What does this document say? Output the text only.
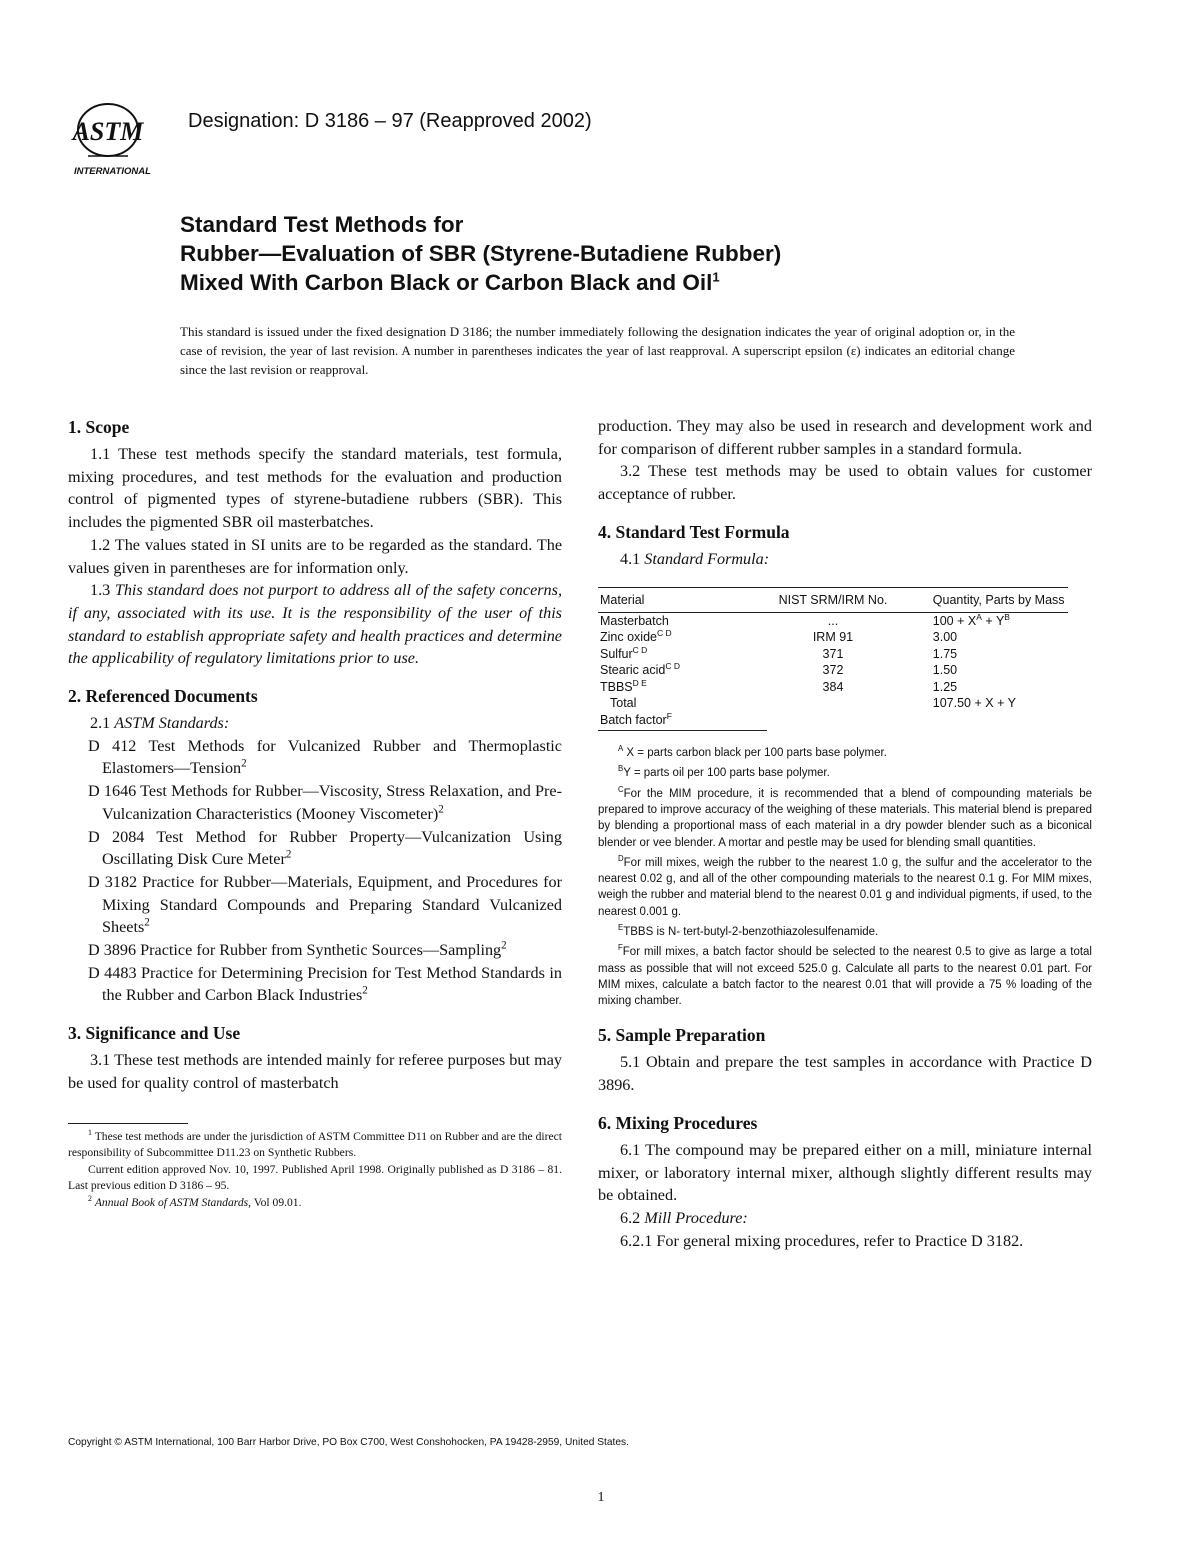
ASTM
INTERNATIONAL
Designation: D 3186 – 97 (Reapproved 2002)
Standard Test Methods for
Rubber—Evaluation of SBR (Styrene-Butadiene Rubber)
Mixed With Carbon Black or Carbon Black and Oil$^1$
This standard is issued under the fixed designation D 3186; the number immediately following the designation indicates the year of original adoption or, in the case of revision, the year of last revision. A number in parentheses indicates the year of last reapproval. A superscript epsilon (ε) indicates an editorial change since the last revision or reapproval.
1. Scope
1.1 These test methods specify the standard materials, test formula, mixing procedures, and test methods for the evaluation and production control of pigmented types of styrene-butadiene rubbers (SBR). This includes the pigmented SBR oil masterbatches.
1.2 The values stated in SI units are to be regarded as the standard. The values given in parentheses are for information only.
1.3 This standard does not purport to address all of the safety concerns, if any, associated with its use. It is the responsibility of the user of this standard to establish appropriate safety and health practices and determine the applicability of regulatory limitations prior to use.
2. Referenced Documents
2.1 ASTM Standards:
D 412 Test Methods for Vulcanized Rubber and Thermoplastic Elastomers—Tension$^2$
D 1646 Test Methods for Rubber—Viscosity, Stress Relaxation, and Pre-Vulcanization Characteristics (Mooney Viscometer)$^2$
D 2084 Test Method for Rubber Property—Vulcanization Using Oscillating Disk Cure Meter$^2$
D 3182 Practice for Rubber—Materials, Equipment, and Procedures for Mixing Standard Compounds and Preparing Standard Vulcanized Sheets$^2$
D 3896 Practice for Rubber from Synthetic Sources—Sampling$^2$
D 4483 Practice for Determining Precision for Test Method Standards in the Rubber and Carbon Black Industries$^2$
3. Significance and Use
3.1 These test methods are intended mainly for referee purposes but may be used for quality control of masterbatch
$^1$ These test methods are under the jurisdiction of ASTM Committee D11 on Rubber and are the direct responsibility of Subcommittee D11.23 on Synthetic Rubbers.
Current edition approved Nov. 10, 1997. Published April 1998. Originally published as D 3186 – 81. Last previous edition D 3186 – 95.
$^2$ Annual Book of ASTM Standards, Vol 09.01.
production. They may also be used in research and development work and for comparison of different rubber samples in a standard formula.
3.2 These test methods may be used to obtain values for customer acceptance of rubber.
4. Standard Test Formula
4.1 Standard Formula:
Material	NIST SRM/IRM No.	Quantity, Parts by Mass
Masterbatch	...	$100 + X^A + Y^B$
Zinc oxide$^{C D}$	IRM 91	3.00
Sulfur$^{C D}$	371	1.75
Stearic acid$^{C D}$	372	1.50
$TBBS^{D E}$	384	1.25
Total		107.50 + X + Y
Batch factor$^F$		
$^A$ X = parts carbon black per 100 parts base polymer.
$^B$Y = parts oil per 100 parts base polymer.
$^C$For the MIM procedure, it is recommended that a blend of compounding materials be prepared to improve accuracy of the weighing of these materials. This material blend is prepared by blending a proportional mass of each material in a dry powder blender such as a biconical blender or vee blender. A mortar and pestle may be used for blending small quantities.
$^D$For mill mixes, weigh the rubber to the nearest 1.0 g, the sulfur and the accelerator to the nearest 0.02 g, and all of the other compounding materials to the nearest 0.1 g. For MIM mixes, weigh the rubber and material blend to the nearest 0.01 g and individual pigments, if used, to the nearest 0.001 g.
$^E$TBBS is N- tert-butyl-2-benzothiazolesulfenamide.
$^F$For mill mixes, a batch factor should be selected to the nearest 0.5 to give as large a total mass as possible that will not exceed 525.0 g. Calculate all parts to the nearest 0.01 part. For MIM mixes, calculate a batch factor to the nearest 0.01 that will provide a 75 % loading of the mixing chamber.
5. Sample Preparation
5.1 Obtain and prepare the test samples in accordance with Practice D 3896.
6. Mixing Procedures
6.1 The compound may be prepared either on a mill, miniature internal mixer, or laboratory internal mixer, although slightly different results may be obtained.
6.2 Mill Procedure:
6.2.1 For general mixing procedures, refer to Practice D 3182.
Copyright © ASTM International, 100 Barr Harbor Drive, PO Box C700, West Conshohocken, PA 19428-2959, United States.
1
